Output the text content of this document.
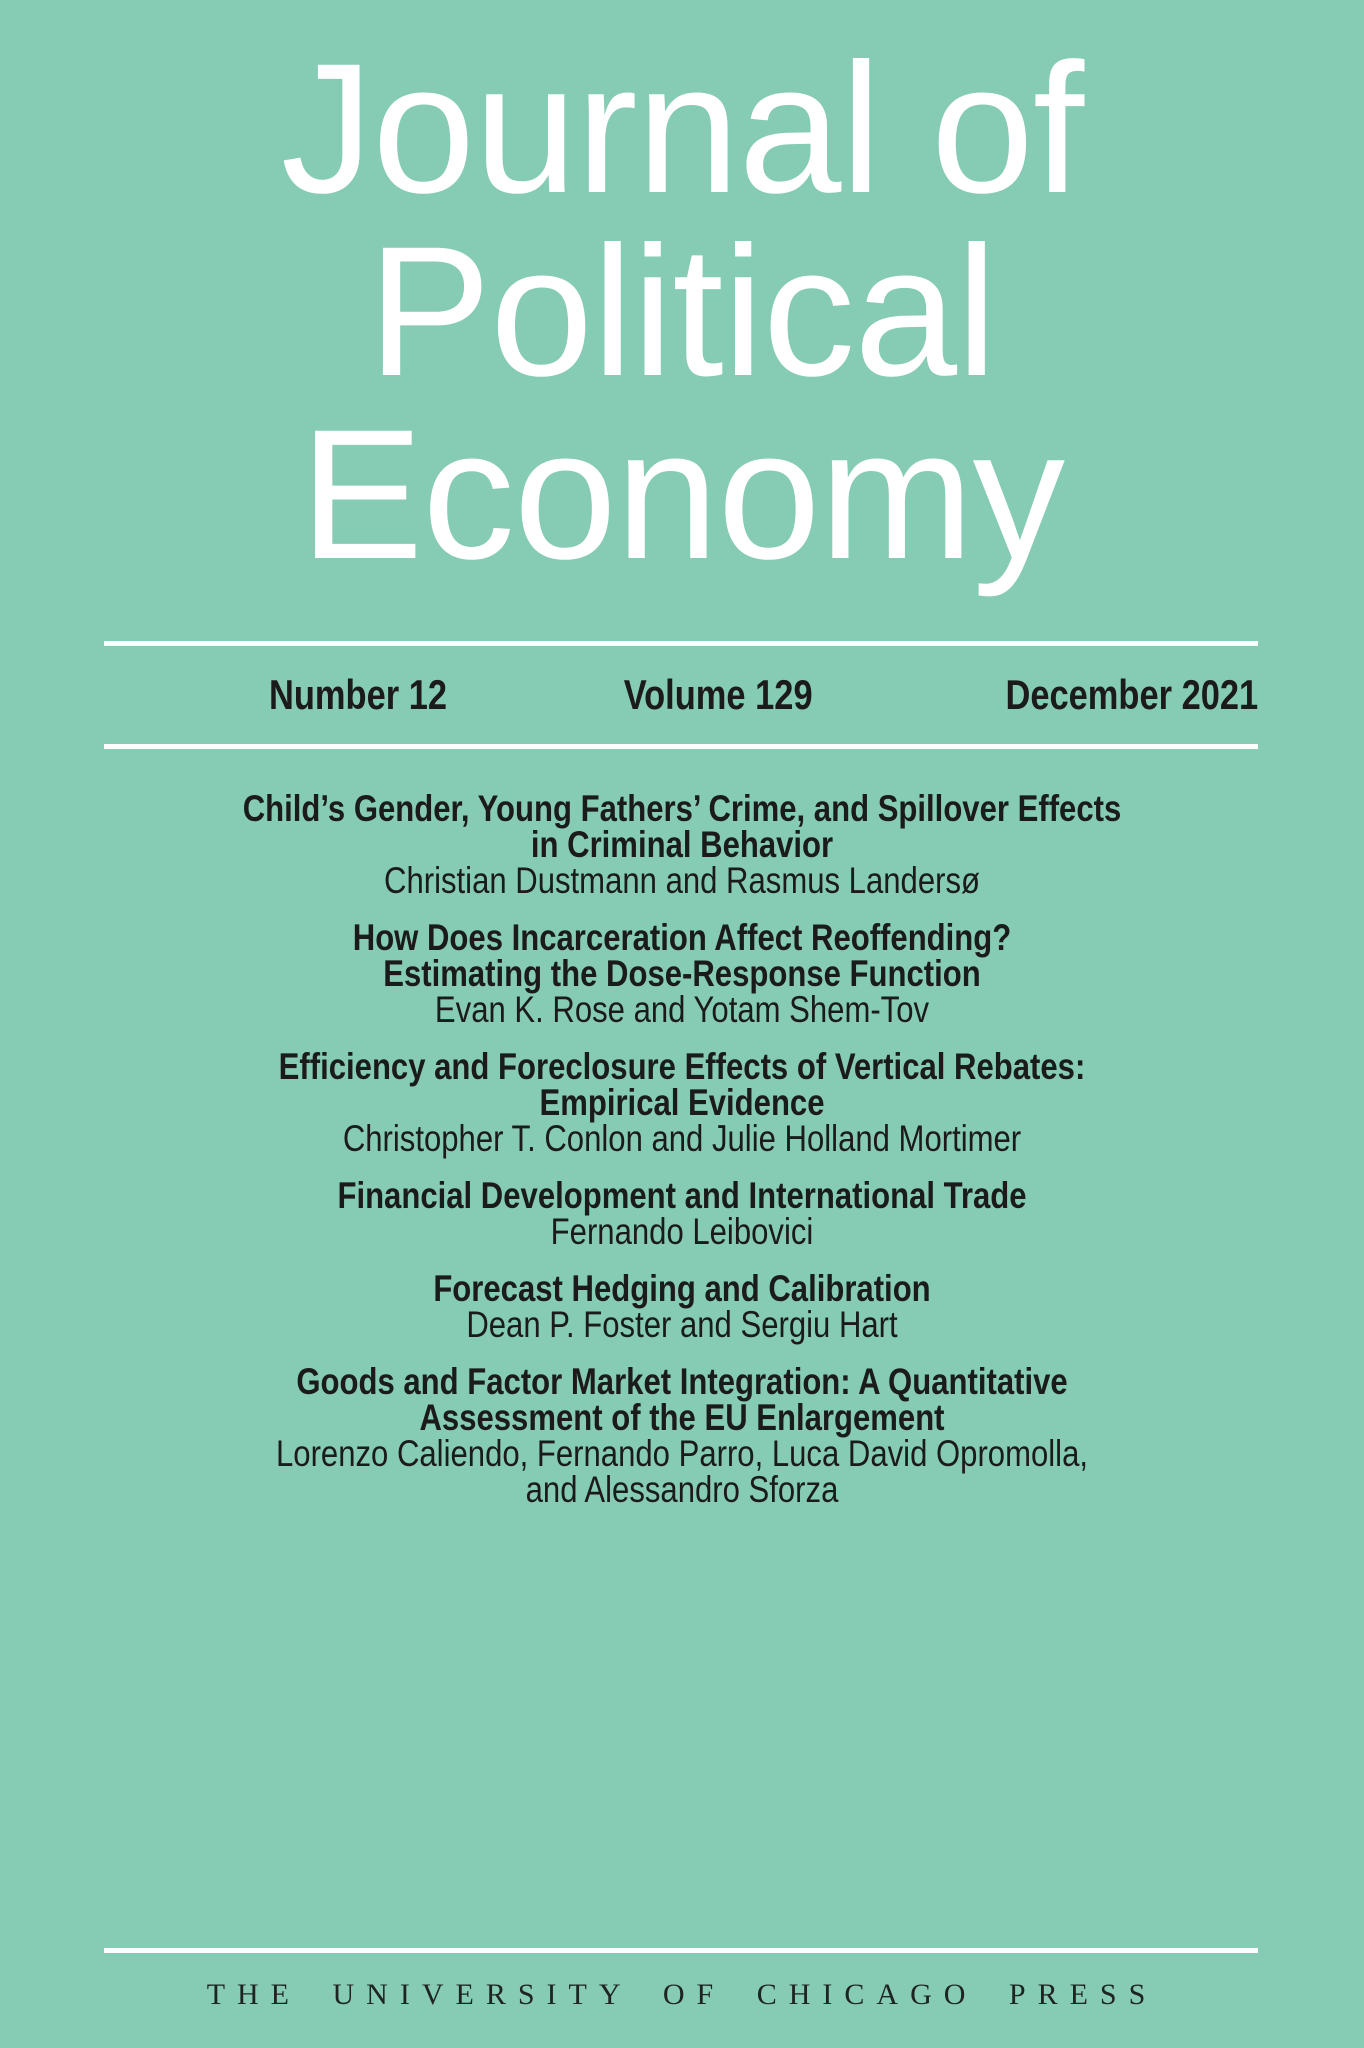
Journal of
Political
Economy
Number 12	Volume 129	December 2021
Child’s Gender, Young Fathers’ Crime, and Spillover Effects
in Criminal Behavior
Christian Dustmann and Rasmus Landersø
How Does Incarceration Affect Reoffending?
Estimating the Dose-Response Function
Evan K. Rose and Yotam Shem-Tov
Efficiency and Foreclosure Effects of Vertical Rebates:
Empirical Evidence
Christopher T. Conlon and Julie Holland Mortimer
Financial Development and International Trade
Fernando Leibovici
Forecast Hedging and Calibration
Dean P. Foster and Sergiu Hart
Goods and Factor Market Integration: A Quantitative
Assessment of the EU Enlargement
Lorenzo Caliendo, Fernando Parro, Luca David Opromolla,
and Alessandro Sforza
THE UNIVERSITY OF CHICAGO PRESS
